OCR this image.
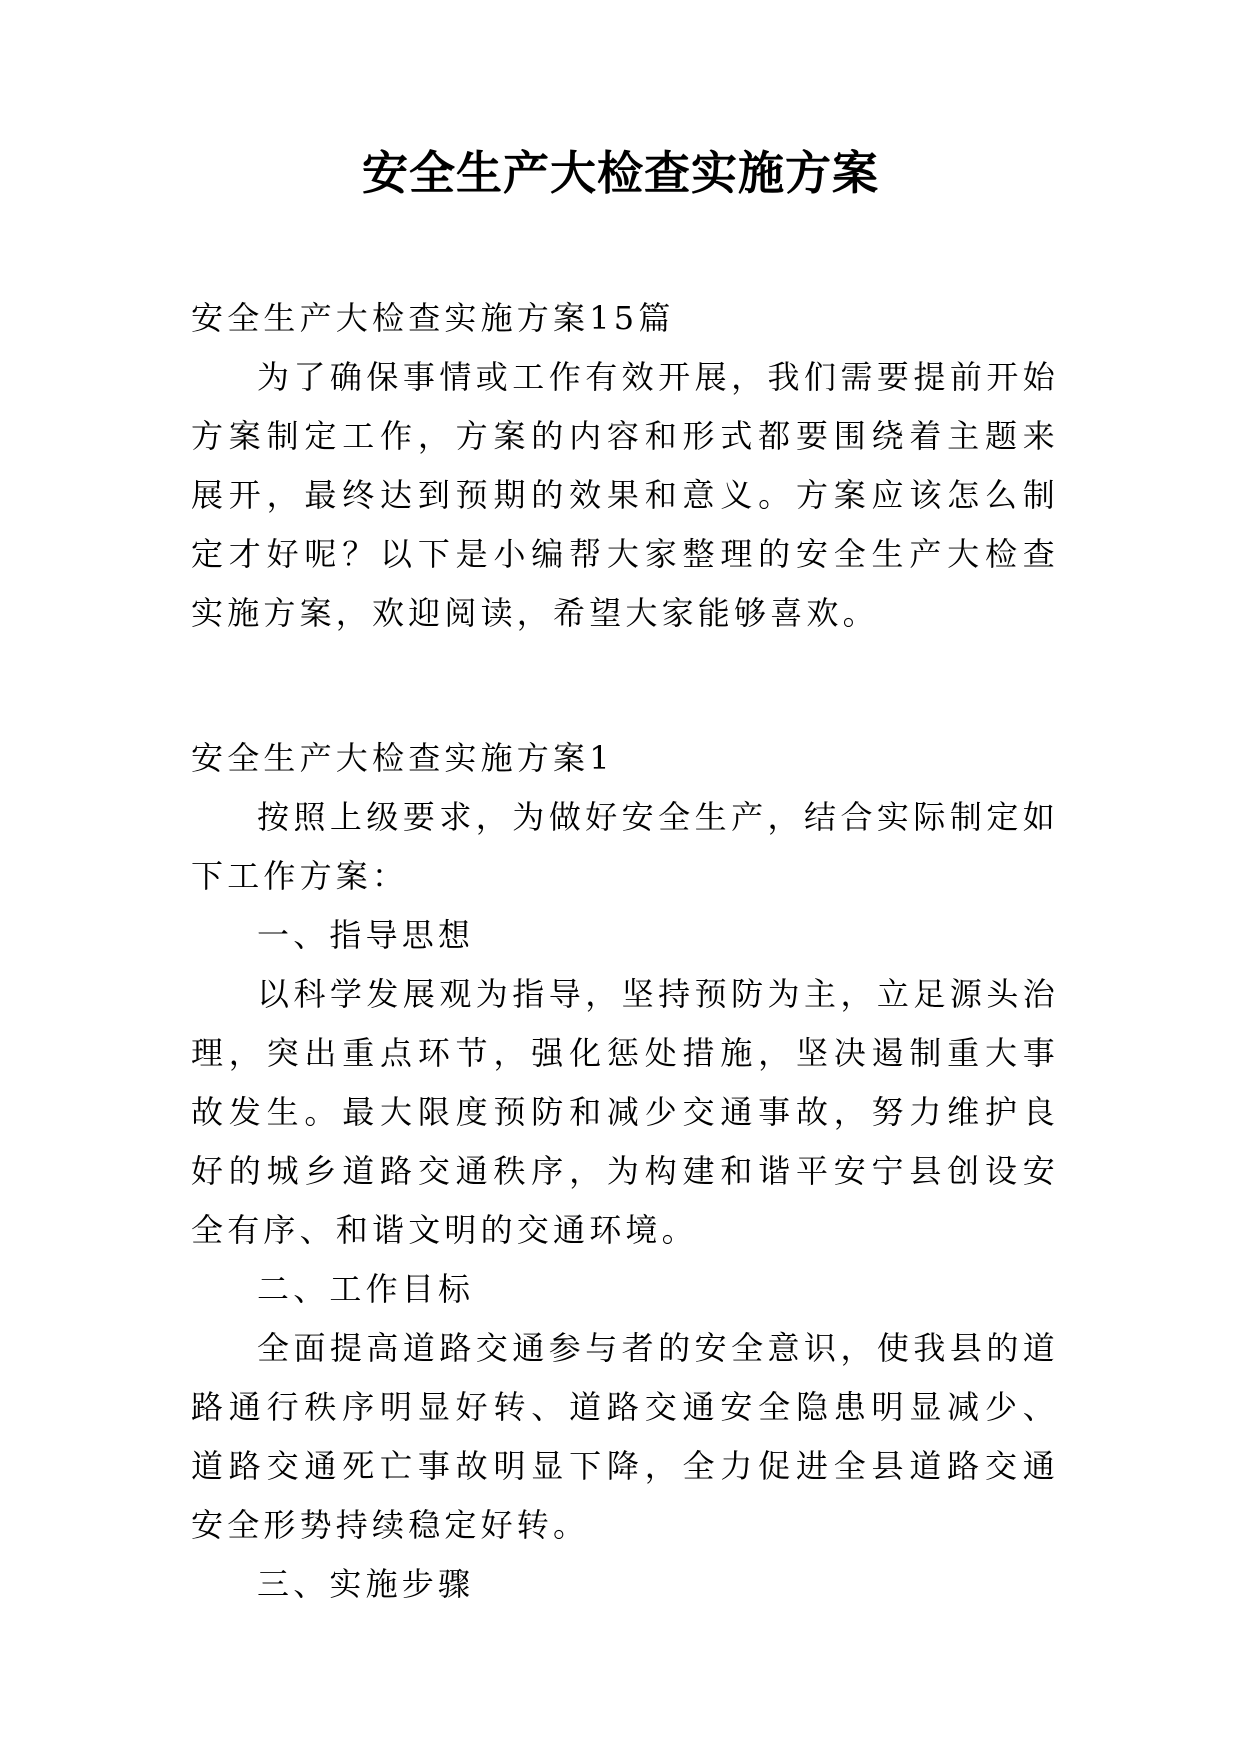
安全生产大检查实施方案

安全生产大检查实施方案15篇

为了确保事情或工作有效开展，我们需要提前开始方案制定工作，方案的内容和形式都要围绕着主题来展开，最终达到预期的效果和意义。方案应该怎么制定才好呢？以下是小编帮大家整理的安全生产大检查实施方案，欢迎阅读，希望大家能够喜欢。

安全生产大检查实施方案1

按照上级要求，为做好安全生产，结合实际制定如下工作方案：

一、指导思想

以科学发展观为指导，坚持预防为主，立足源头治理，突出重点环节，强化惩处措施，坚决遏制重大事故发生。最大限度预防和减少交通事故，努力维护良好的城乡道路交通秩序，为构建和谐平安宁县创设安全有序、和谐文明的交通环境。

二、工作目标

全面提高道路交通参与者的安全意识，使我县的道路通行秩序明显好转、道路交通安全隐患明显减少、道路交通死亡事故明显下降，全力促进全县道路交通安全形势持续稳定好转。

三、实施步骤
